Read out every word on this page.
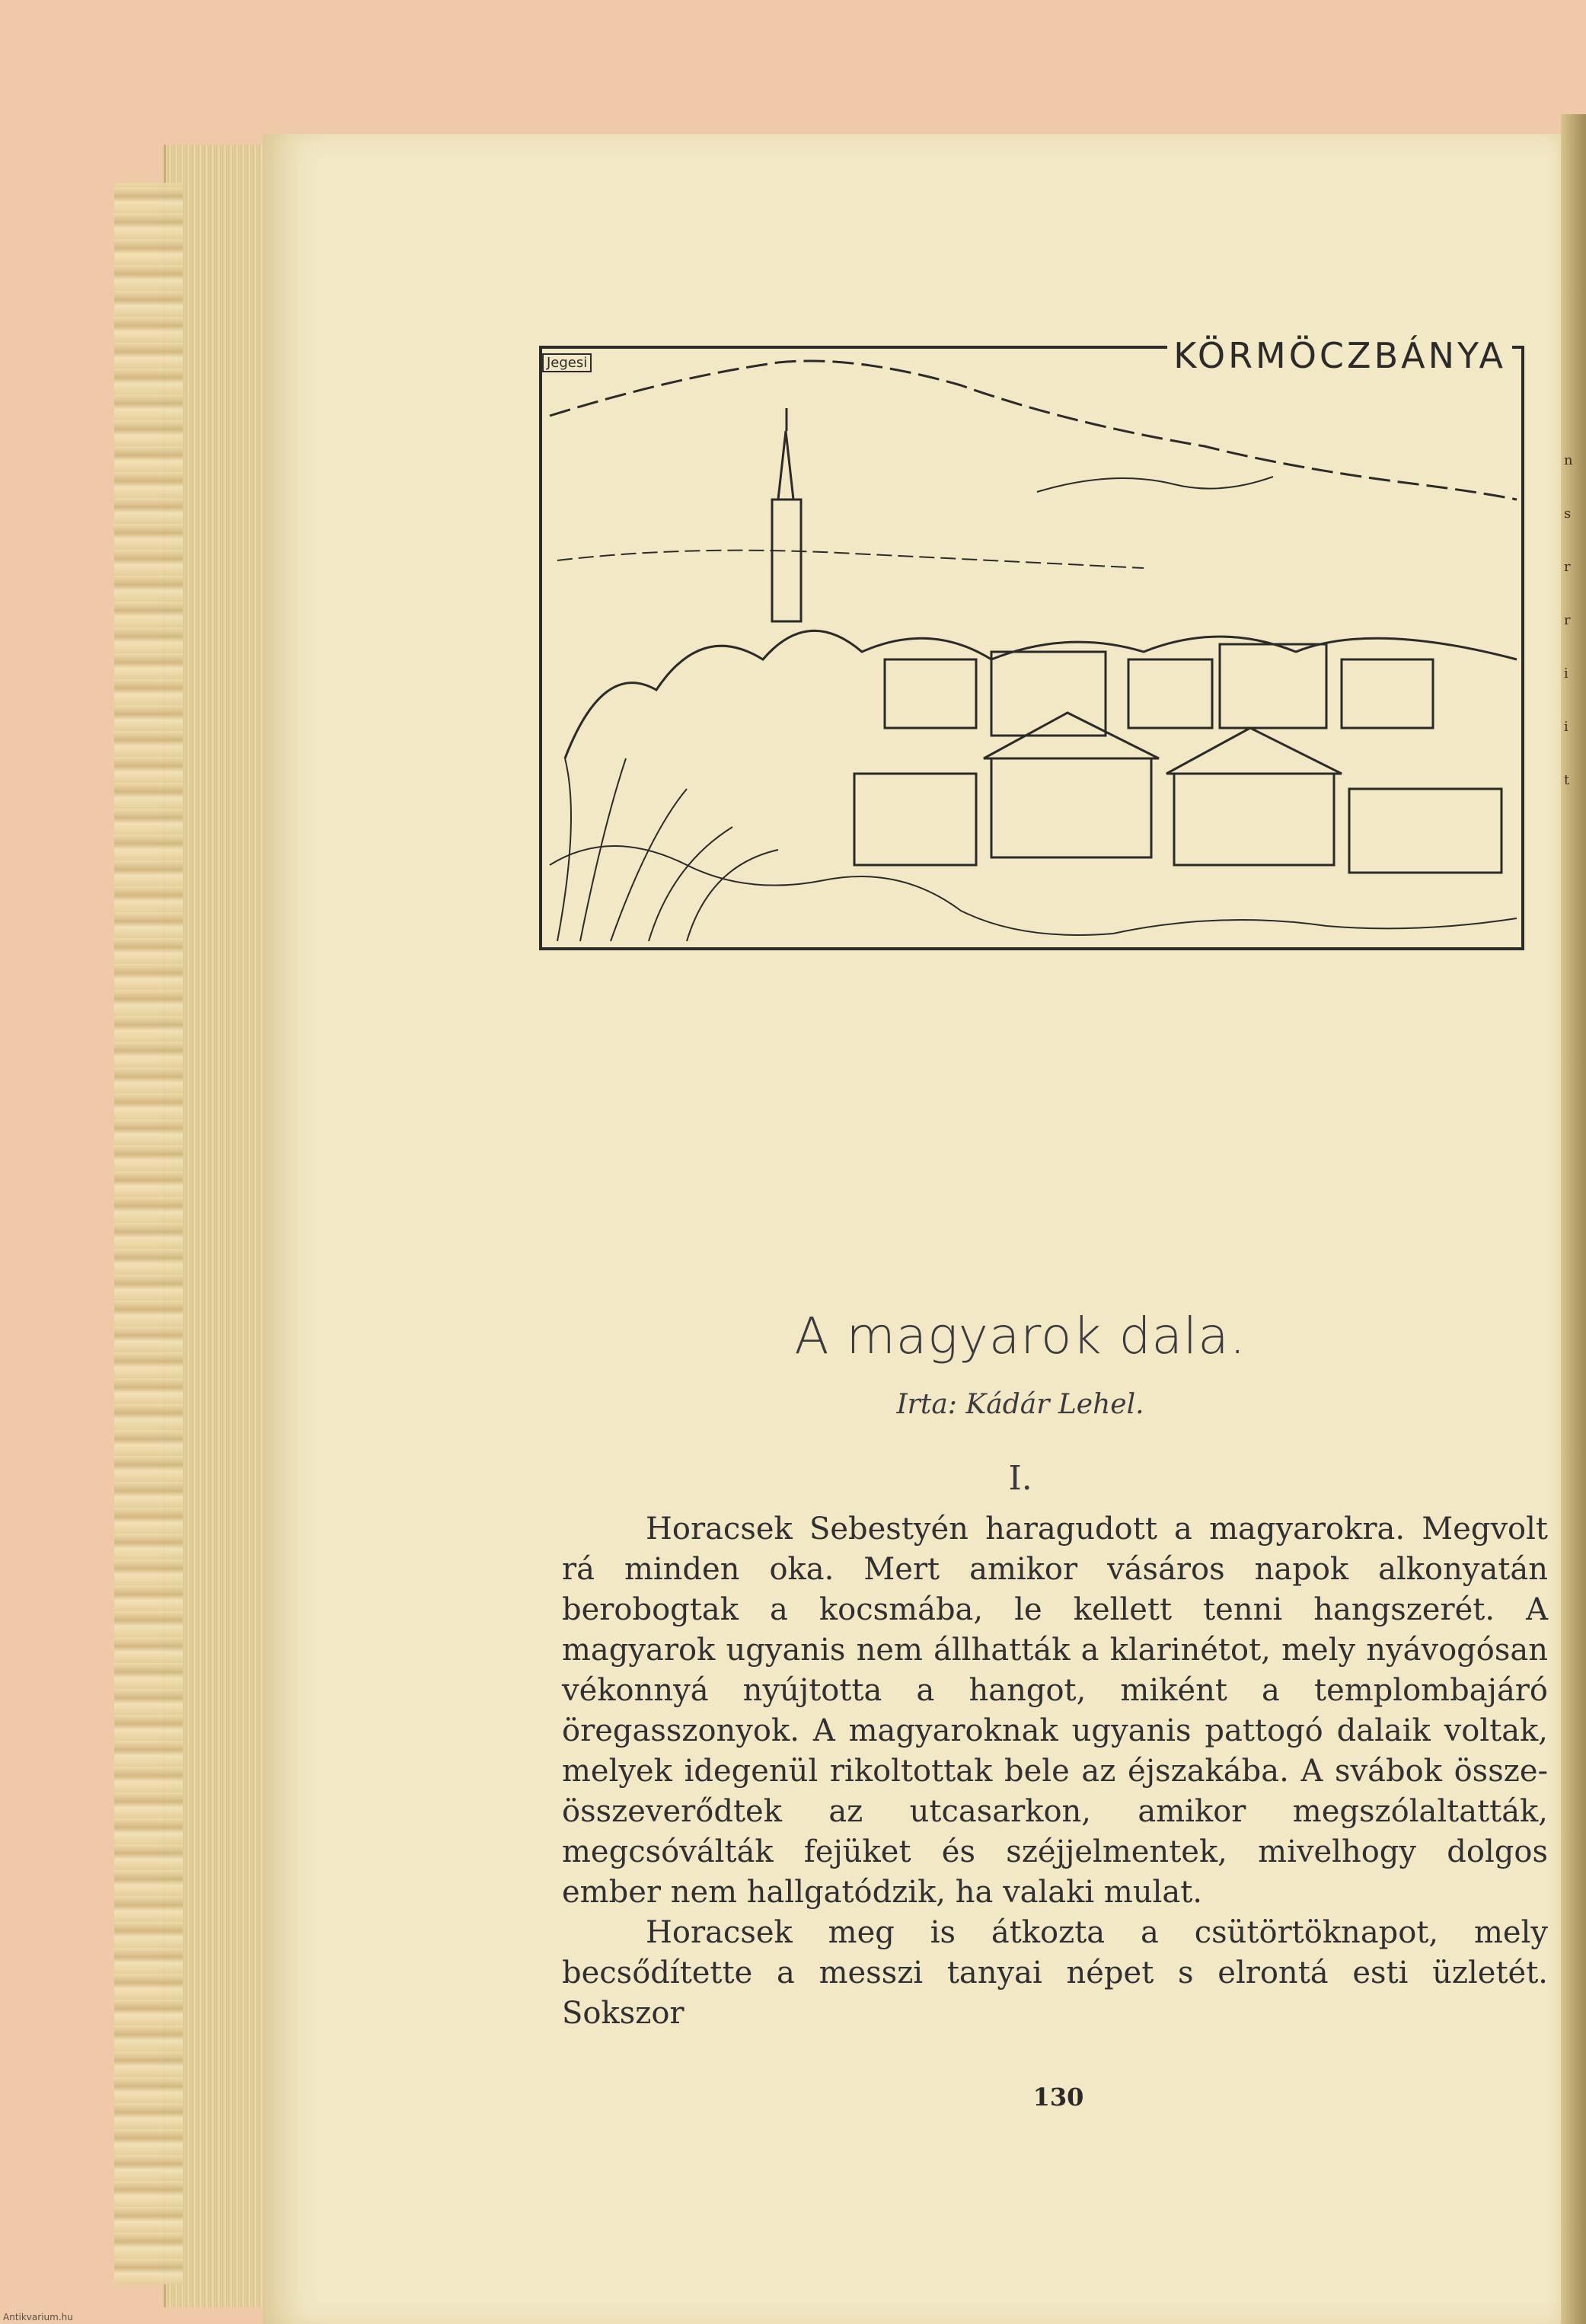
n
s
r
r
i
i
t
KÖRMÖCZBÁNYA
Jegesi
A magyarok dala.
Irta: Kádár Lehel.
I.

Horacsek Sebestyén haragudott a magyarokra. Megvolt rá minden oka. Mert amikor vásáros napok alkonyatán berobogtak a kocsmába, le kellett tenni hangszerét. A magyarok ugyanis nem állhatták a klarinétot, mely nyávogósan vékonnyá nyújtotta a hangot, miként a templombajáró öregasszonyok. A magyaroknak ugyanis pattogó dalaik voltak, melyek idegenül rikoltottak bele az éjszakába. A svábok össze-összeverődtek az utcasarkon, amikor megszólaltatták, megcsóválták fejüket és széjjelmentek, mivelhogy dolgos ember nem hallgatódzik, ha valaki mulat.

Horacsek meg is átkozta a csütörtöknapot, mely becsődítette a messzi tanyai népet s elrontá esti üzletét. Sokszor

130
Antikvarium.hu
